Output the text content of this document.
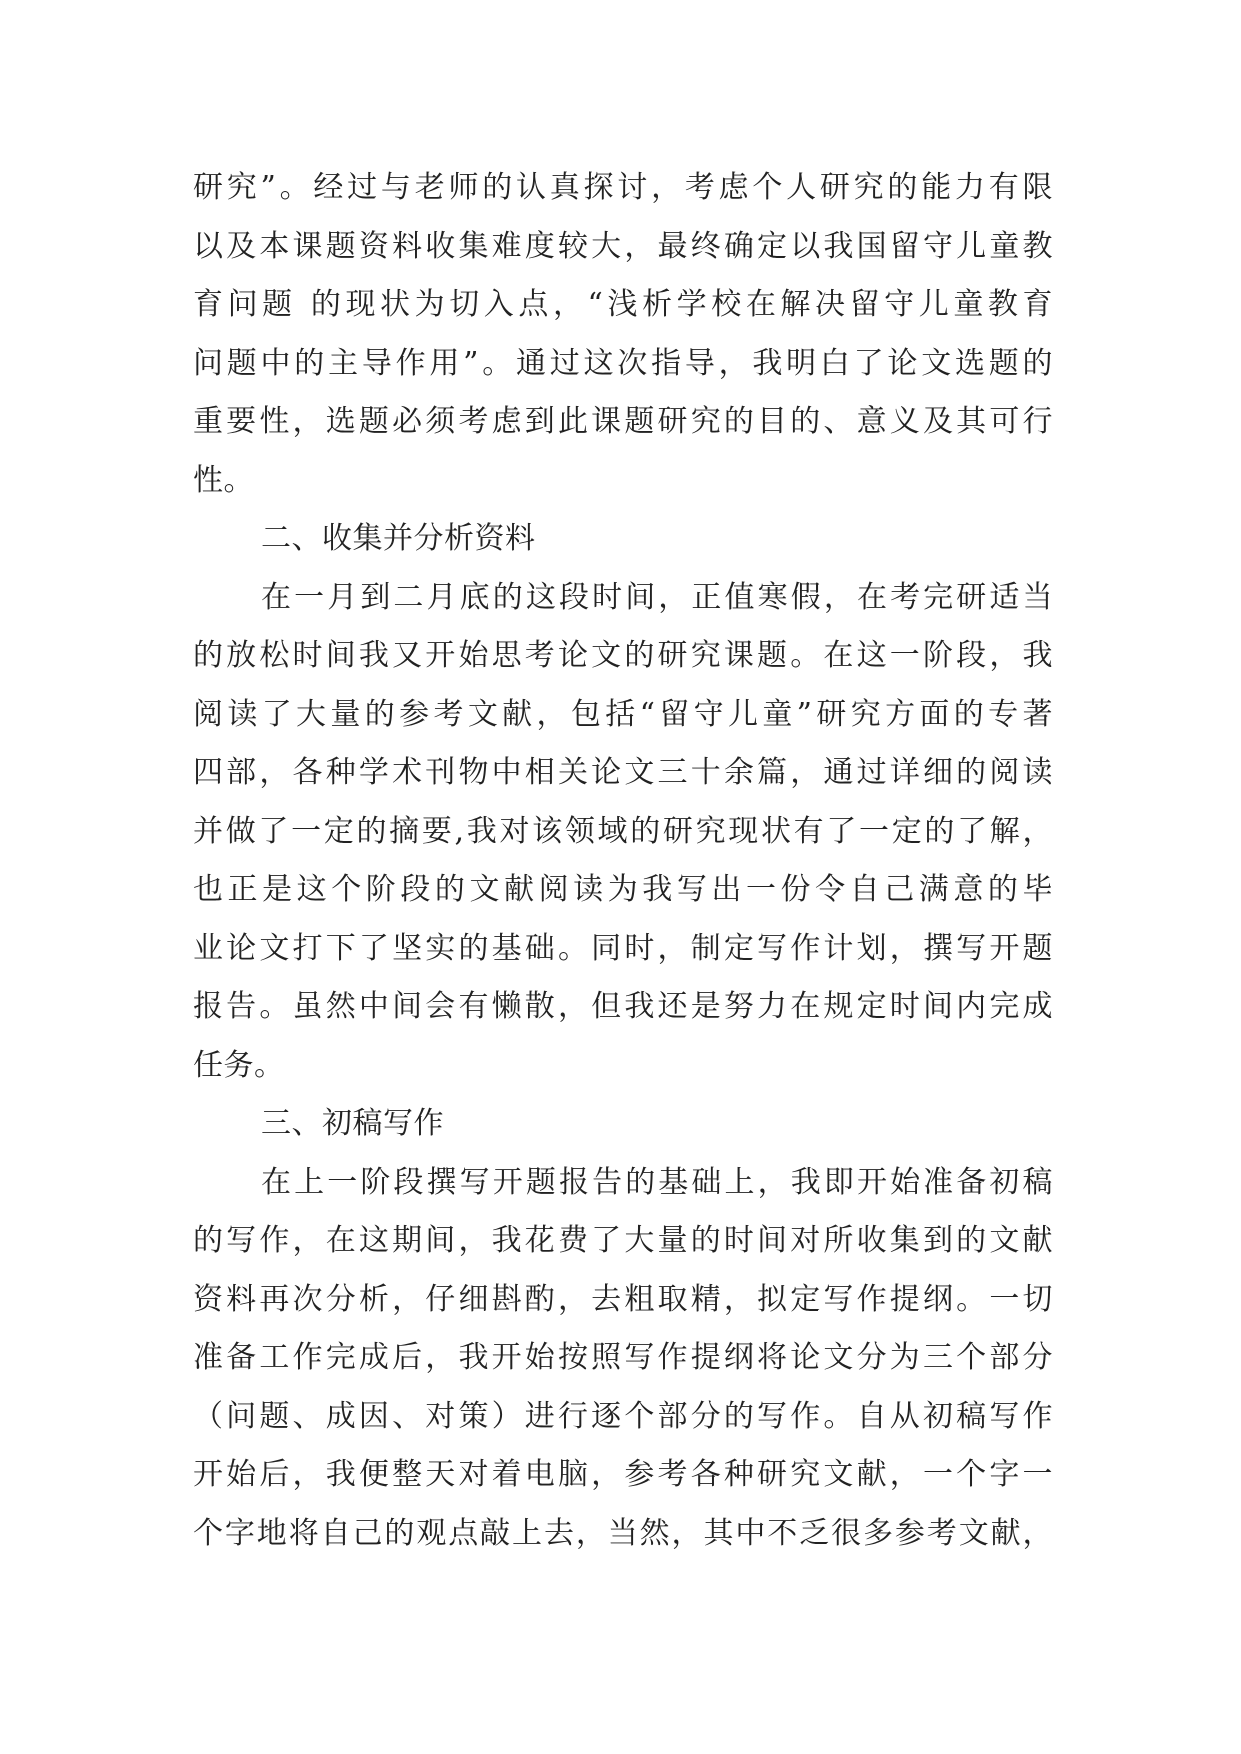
研究”。经过与老师的认真探讨，考虑个人研究的能力有限
以及本课题资料收集难度较大，最终确定以我国留守儿童教
育问题 的现状为切入点，“浅析学校在解决留守儿童教育
问题中的主导作用”。通过这次指导，我明白了论文选题的
重要性，选题必须考虑到此课题研究的目的、意义及其可行
性。
二、收集并分析资料
在一月到二月底的这段时间，正值寒假，在考完研适当
的放松时间我又开始思考论文的研究课题。在这一阶段，我
阅读了大量的参考文献，包括“留守儿童”研究方面的专著
四部，各种学术刊物中相关论文三十余篇，通过详细的阅读
并做了一定的摘要,我对该领域的研究现状有了一定的了解，
也正是这个阶段的文献阅读为我写出一份令自己满意的毕
业论文打下了坚实的基础。同时，制定写作计划，撰写开题
报告。虽然中间会有懒散，但我还是努力在规定时间内完成
任务。
三、初稿写作
在上一阶段撰写开题报告的基础上，我即开始准备初稿
的写作，在这期间，我花费了大量的时间对所收集到的文献
资料再次分析，仔细斟酌，去粗取精，拟定写作提纲。一切
准备工作完成后，我开始按照写作提纲将论文分为三个部分
（问题、成因、对策）进行逐个部分的写作。自从初稿写作
开始后，我便整天对着电脑，参考各种研究文献，一个字一
个字地将自己的观点敲上去，当然，其中不乏很多参考文献，
